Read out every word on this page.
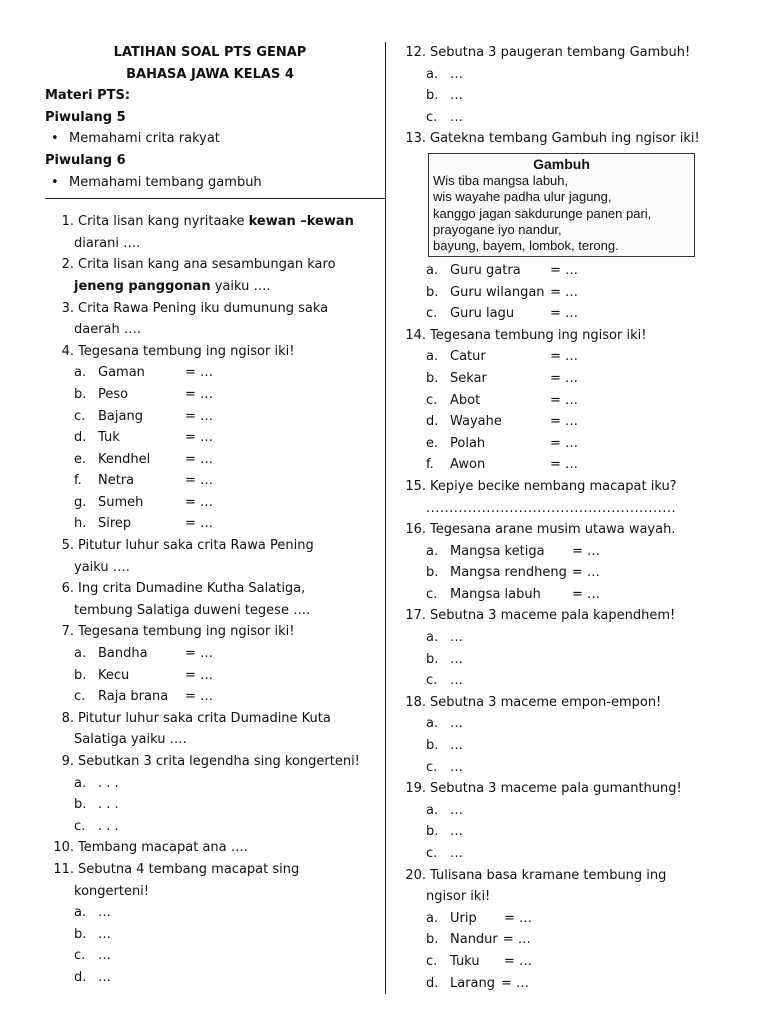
LATIHAN SOAL PTS GENAP
BAHASA JAWA KELAS 4
Materi PTS:
Piwulang 5
• Memahami crita rakyat
Piwulang 6
• Memahami tembang gambuh
1. Crita lisan kang nyritaake kewan –kewan
diarani ….
2. Crita lisan kang ana sesambungan karo
jeneng panggonan yaiku ….
3. Crita Rawa Pening iku dumunung saka
daerah ….
4. Tegesana tembung ing ngisor iki!
a. Gaman	= …
b. Peso	= …
c. Bajang	= …
d. Tuk	= …
e. Kendhel	= …
f.	Netra	= …
g. Sumeh	= …
h. Sirep	= …
5. Pitutur luhur saka crita Rawa Pening
yaiku ….
6. Ing crita Dumadine Kutha Salatiga,
tembung Salatiga duweni tegese ….
7. Tegesana tembung ing ngisor iki!
a. Bandha	= …
b. Kecu	= …
c. Raja brana	= …
8. Pitutur luhur saka crita Dumadine Kuta
Salatiga yaiku ….
9. Sebutkan 3 crita legendha sing kongerteni!
a. . . .
b. . . .
c. . . .
10. Tembang macapat ana ….
11. Sebutna 4 tembang macapat sing
kongerteni!
a. …
b. …
c. …
d. …
12. Sebutna 3 paugeran tembang Gambuh!
a. …
b. …
c. …
13. Gatekna tembang Gambuh ing ngisor iki!
Gambuh
Wis tiba mangsa labuh,
wis wayahe padha ulur jagung,
kanggo jagan sakdurunge panen pari,
prayogane iyo nandur,
bayung, bayem, lombok, terong.
a. Guru gatra	= …
b. Guru wilangan = …
c. Guru lagu	= …
14. Tegesana tembung ing ngisor iki!
a. Catur	= …
b. Sekar	= …
c. Abot	= …
d. Wayahe	= …
e. Polah	= …
f.	Awon	= …
15. Kepiye becike nembang macapat iku?
......................................................
16. Tegesana arane musim utawa wayah.
a. Mangsa ketiga	= …
b. Mangsa rendheng = …
c. Mangsa labuh	= …
17. Sebutna 3 maceme pala kapendhem!
a. …
b. …
c. …
18. Sebutna 3 maceme empon-empon!
a. …
b. …
c. …
19. Sebutna 3 maceme pala gumanthung!
a. …
b. …
c. …
20. Tulisana basa kramane tembung ing
ngisor iki!
a. Urip	= …
b. Nandur = …
c. Tuku	= …
d. Larang = …
